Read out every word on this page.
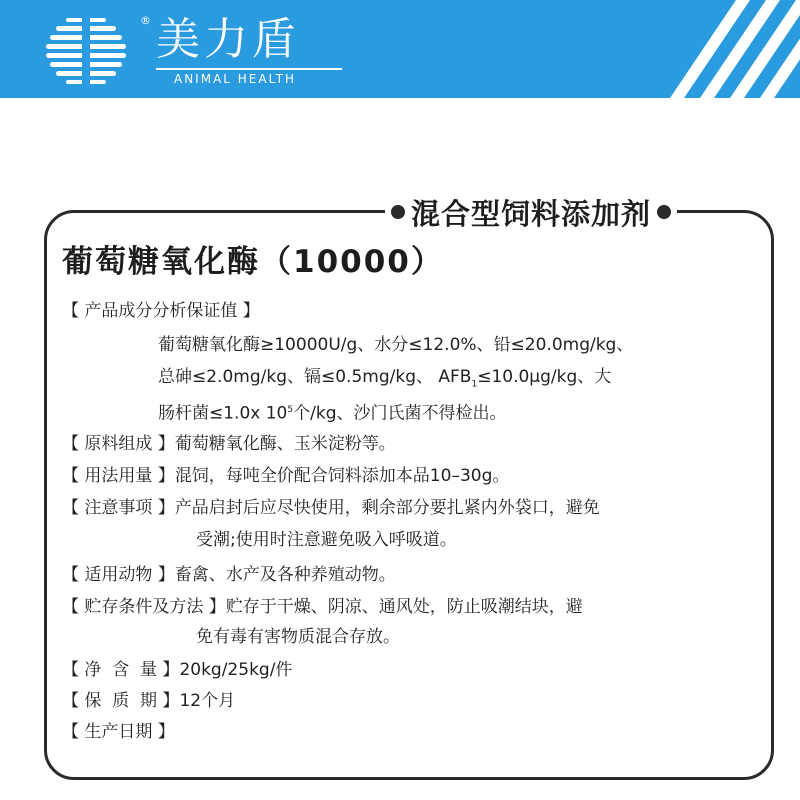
® 美力盾
ANIMAL HEALTH
混合型饲料添加剂
葡萄糖氧化酶（10000）
【 产品成分分析保证值 】
葡萄糖氧化酶≥10000U/g、水分≤12.0%、铅≤20.0mg/kg、
总砷≤2.0mg/kg、镉≤0.5mg/kg、 $AFB_1\le 10.0\mu g/kg$、大
肠杆菌≤1.0x $10^5$个/kg、沙门氏菌不得检出。
【 原料组成 】葡萄糖氧化酶、玉米淀粉等。
【 用法用量 】混饲，每吨全价配合饲料添加本品10–30g。
【 注意事项 】产品启封后应尽快使用，剩余部分要扎紧内外袋口，避免
受潮;使用时注意避免吸入呼吸道。
【 适用动物 】畜禽、水产及各种养殖动物。
【 贮存条件及方法 】贮存于干燥、阴凉、通风处，防止吸潮结块，避
免有毒有害物质混合存放。
【 净  含  量 】20kg/25kg/件
【 保  质  期 】12个月
【 生产日期 】
